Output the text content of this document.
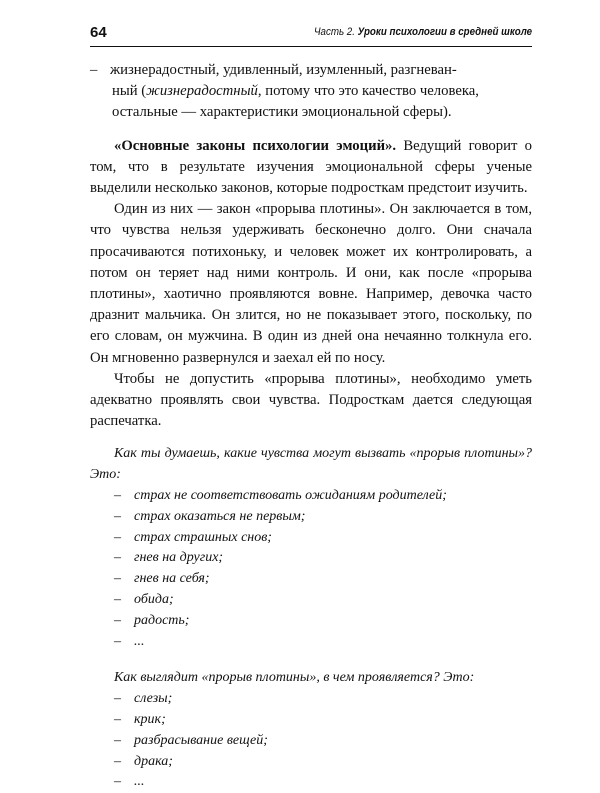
64	Часть 2. Уроки психологии в средней школе

– жизнерадостный, удивленный, изумленный, разгневан-
ный (жизнерадостный, потому что это качество человека,
остальные — характеристики эмоциональной сферы).

«Основные законы психологии эмоций». Ведущий говорит о том, что в результате изучения эмоциональной сферы ученые выделили несколько законов, которые подросткам предстоит изучить.

Один из них — закон «прорыва плотины». Он заключается в том, что чувства нельзя удерживать бесконечно долго. Они сначала просачиваются потихоньку, и человек может их контролировать, а потом он теряет над ними контроль. И они, как после «прорыва плотины», хаотично проявляются вовне. Например, девочка часто дразнит мальчика. Он злится, но не показывает этого, поскольку, по его словам, он мужчина. В один из дней она нечаянно толкнула его. Он мгновенно развернулся и заехал ей по носу.

Чтобы не допустить «прорыва плотины», необходимо уметь адекватно проявлять свои чувства. Подросткам дается следующая распечатка.

Как ты думаешь, какие чувства могут вызвать «прорыв плотины»? Это:

– страх не соответствовать ожиданиям родителей;
– страх оказаться не первым;
– страх страшных снов;
– гнев на других;
– гнев на себя;
– обида;
– радость;
– ...

Как выглядит «прорыв плотины», в чем проявляется? Это:

– слезы;
– крик;
– разбрасывание вещей;
– драка;
– ...
